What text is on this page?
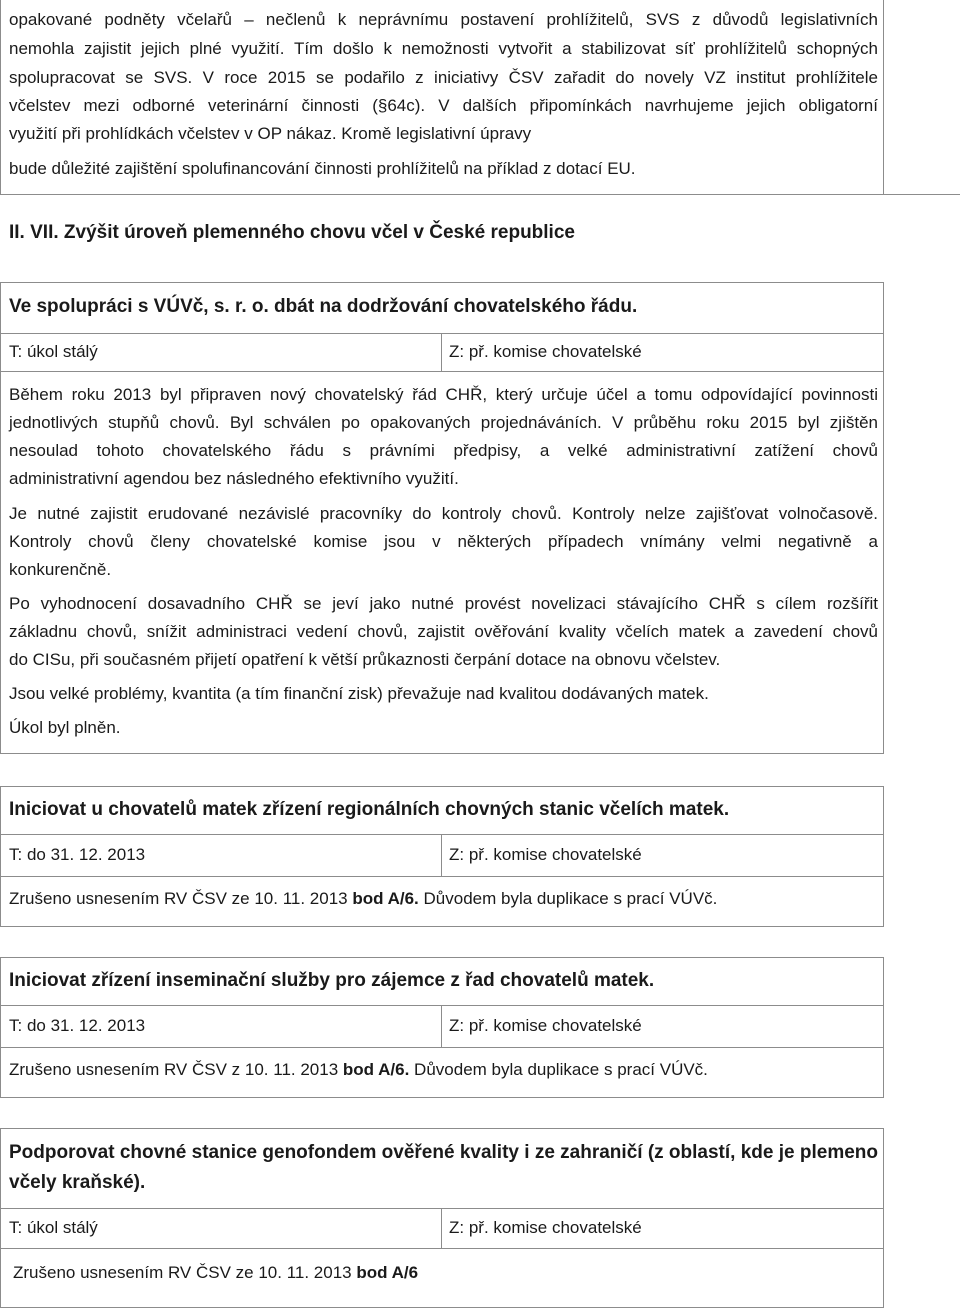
opakované podněty včelařů – nečlenů k neprávnímu postavení prohlížitelů, SVS z důvodů legislativních
nemohla zajistit jejich plné využití. Tím došlo k nemožnosti vytvořit a stabilizovat síť prohlížitelů schopných
spolupracovat se SVS. V roce 2015 se podařilo z iniciativy ČSV zařadit do novely VZ institut prohlížitele
včelstev mezi odborné veterinární činnosti (§64c). V dalších připomínkách navrhujeme jejich obligatorní
využití při prohlídkách včelstev v OP nákaz. Kromě legislativní úpravy
bude důležité zajištění spolufinancování činnosti prohlížitelů na příklad z dotací EU.
II. VII. Zvýšit úroveň plemenného chovu včel v České republice
Ve spolupráci s VÚVč, s. r. o. dbát na dodržování chovatelského řádu.
T: úkol stálý	Z: př. komise chovatelské
Během roku 2013 byl připraven nový chovatelský řád CHŘ, který určuje účel a tomu odpovídající povinnosti
jednotlivých stupňů chovů. Byl schválen po opakovaných projednáváních. V průběhu roku 2015 byl zjištěn
nesoulad tohoto chovatelského řádu s právními předpisy, a velké administrativní zatížení chovů
administrativní agendou bez následného efektivního využití.
Je nutné zajistit erudované nezávislé pracovníky do kontroly chovů. Kontroly nelze zajišťovat volnočasově.
Kontroly chovů členy chovatelské komise jsou v některých případech vnímány velmi negativně a
konkurenčně.
Po vyhodnocení dosavadního CHŘ se jeví jako nutné provést novelizaci stávajícího CHŘ s cílem rozšířit
základnu chovů, snížit administraci vedení chovů, zajistit ověřování kvality včelích matek a zavedení chovů
do CISu, při současném přijetí opatření k větší průkaznosti čerpání dotace na obnovu včelstev.
Jsou velké problémy, kvantita (a tím finanční zisk) převažuje nad kvalitou dodávaných matek.
Úkol byl plněn.
Iniciovat u chovatelů matek zřízení regionálních chovných stanic včelích matek.
T: do 31. 12. 2013	Z: př. komise chovatelské
Zrušeno usnesením RV ČSV ze 10. 11. 2013 bod A/6. Důvodem byla duplikace s prací VÚVč.
Iniciovat zřízení inseminační služby pro zájemce z řad chovatelů matek.
T: do 31. 12. 2013	Z: př. komise chovatelské
Zrušeno usnesením RV ČSV z 10. 11. 2013 bod A/6. Důvodem byla duplikace s prací VÚVč.
Podporovat chovné stanice genofondem ověřené kvality i ze zahraničí (z oblastí, kde je plemeno
včely kraňské).
T: úkol stálý	Z: př. komise chovatelské
Zrušeno usnesením RV ČSV ze 10. 11. 2013 bod A/6
